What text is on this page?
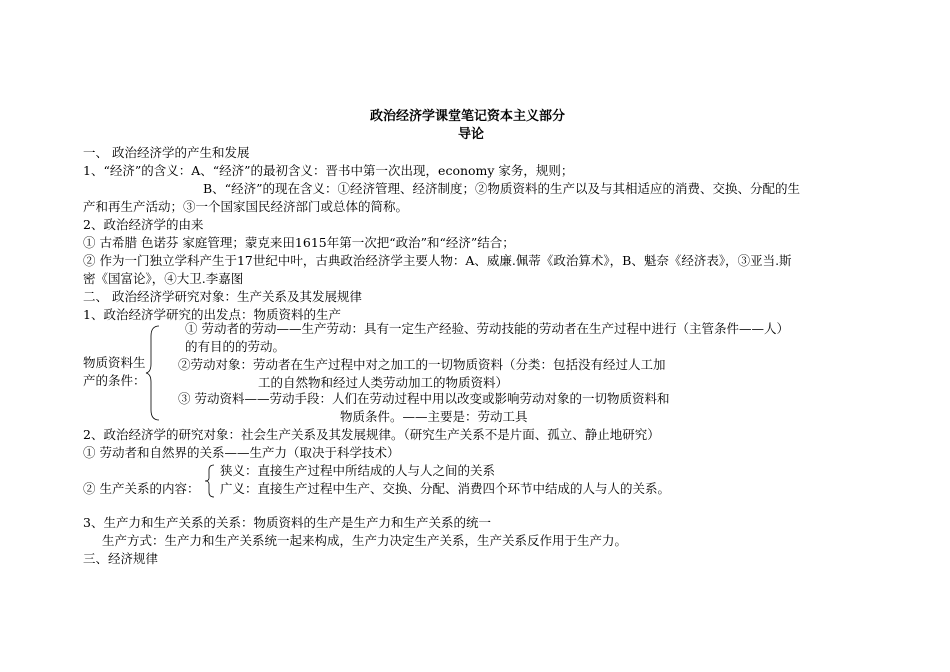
政治经济学课堂笔记资本主义部分
导论
一、 政治经济学的产生和发展
1、“经济”的含义：A、“经济”的最初含义：晋书中第一次出现，economy 家务，规则；
B、“经济”的现在含义：①经济管理、经济制度；②物质资料的生产以及与其相适应的消费、交换、分配的生
产和再生产活动；③一个国家国民经济部门或总体的简称。
2、政治经济学的由来
① 古希腊 色诺芬 家庭管理；蒙克来田1615年第一次把“政治”和“经济”结合；
② 作为一门独立学科产生于17世纪中叶，古典政治经济学主要人物：A、威廉.佩蒂《政治算术》，B、魁奈《经济表》，③亚当.斯
密《国富论》，④大卫.李嘉图
二、 政治经济学研究对象：生产关系及其发展规律
1、政治经济学研究的出发点：物质资料的生产
物质资料生
产的条件：
① 劳动者的劳动——生产劳动：具有一定生产经验、劳动技能的劳动者在生产过程中进行（主管条件——人）
的有目的的劳动。
②劳动对象：劳动者在生产过程中对之加工的一切物质资料（分类：包括没有经过人工加
工的自然物和经过人类劳动加工的物质资料）
③ 劳动资料——劳动手段：人们在劳动过程中用以改变或影响劳动对象的一切物质资料和
物质条件。——主要是：劳动工具
2、政治经济学的研究对象：社会生产关系及其发展规律。（研究生产关系不是片面、孤立、静止地研究）
① 劳动者和自然界的关系——生产力（取决于科学技术）
狭义：直接生产过程中所结成的人与人之间的关系
② 生产关系的内容： 广义：直接生产过程中生产、交换、分配、消费四个环节中结成的人与人的关系。
3、生产力和生产关系的关系：物质资料的生产是生产力和生产关系的统一
生产方式：生产力和生产关系统一起来构成，生产力决定生产关系，生产关系反作用于生产力。
三、经济规律
